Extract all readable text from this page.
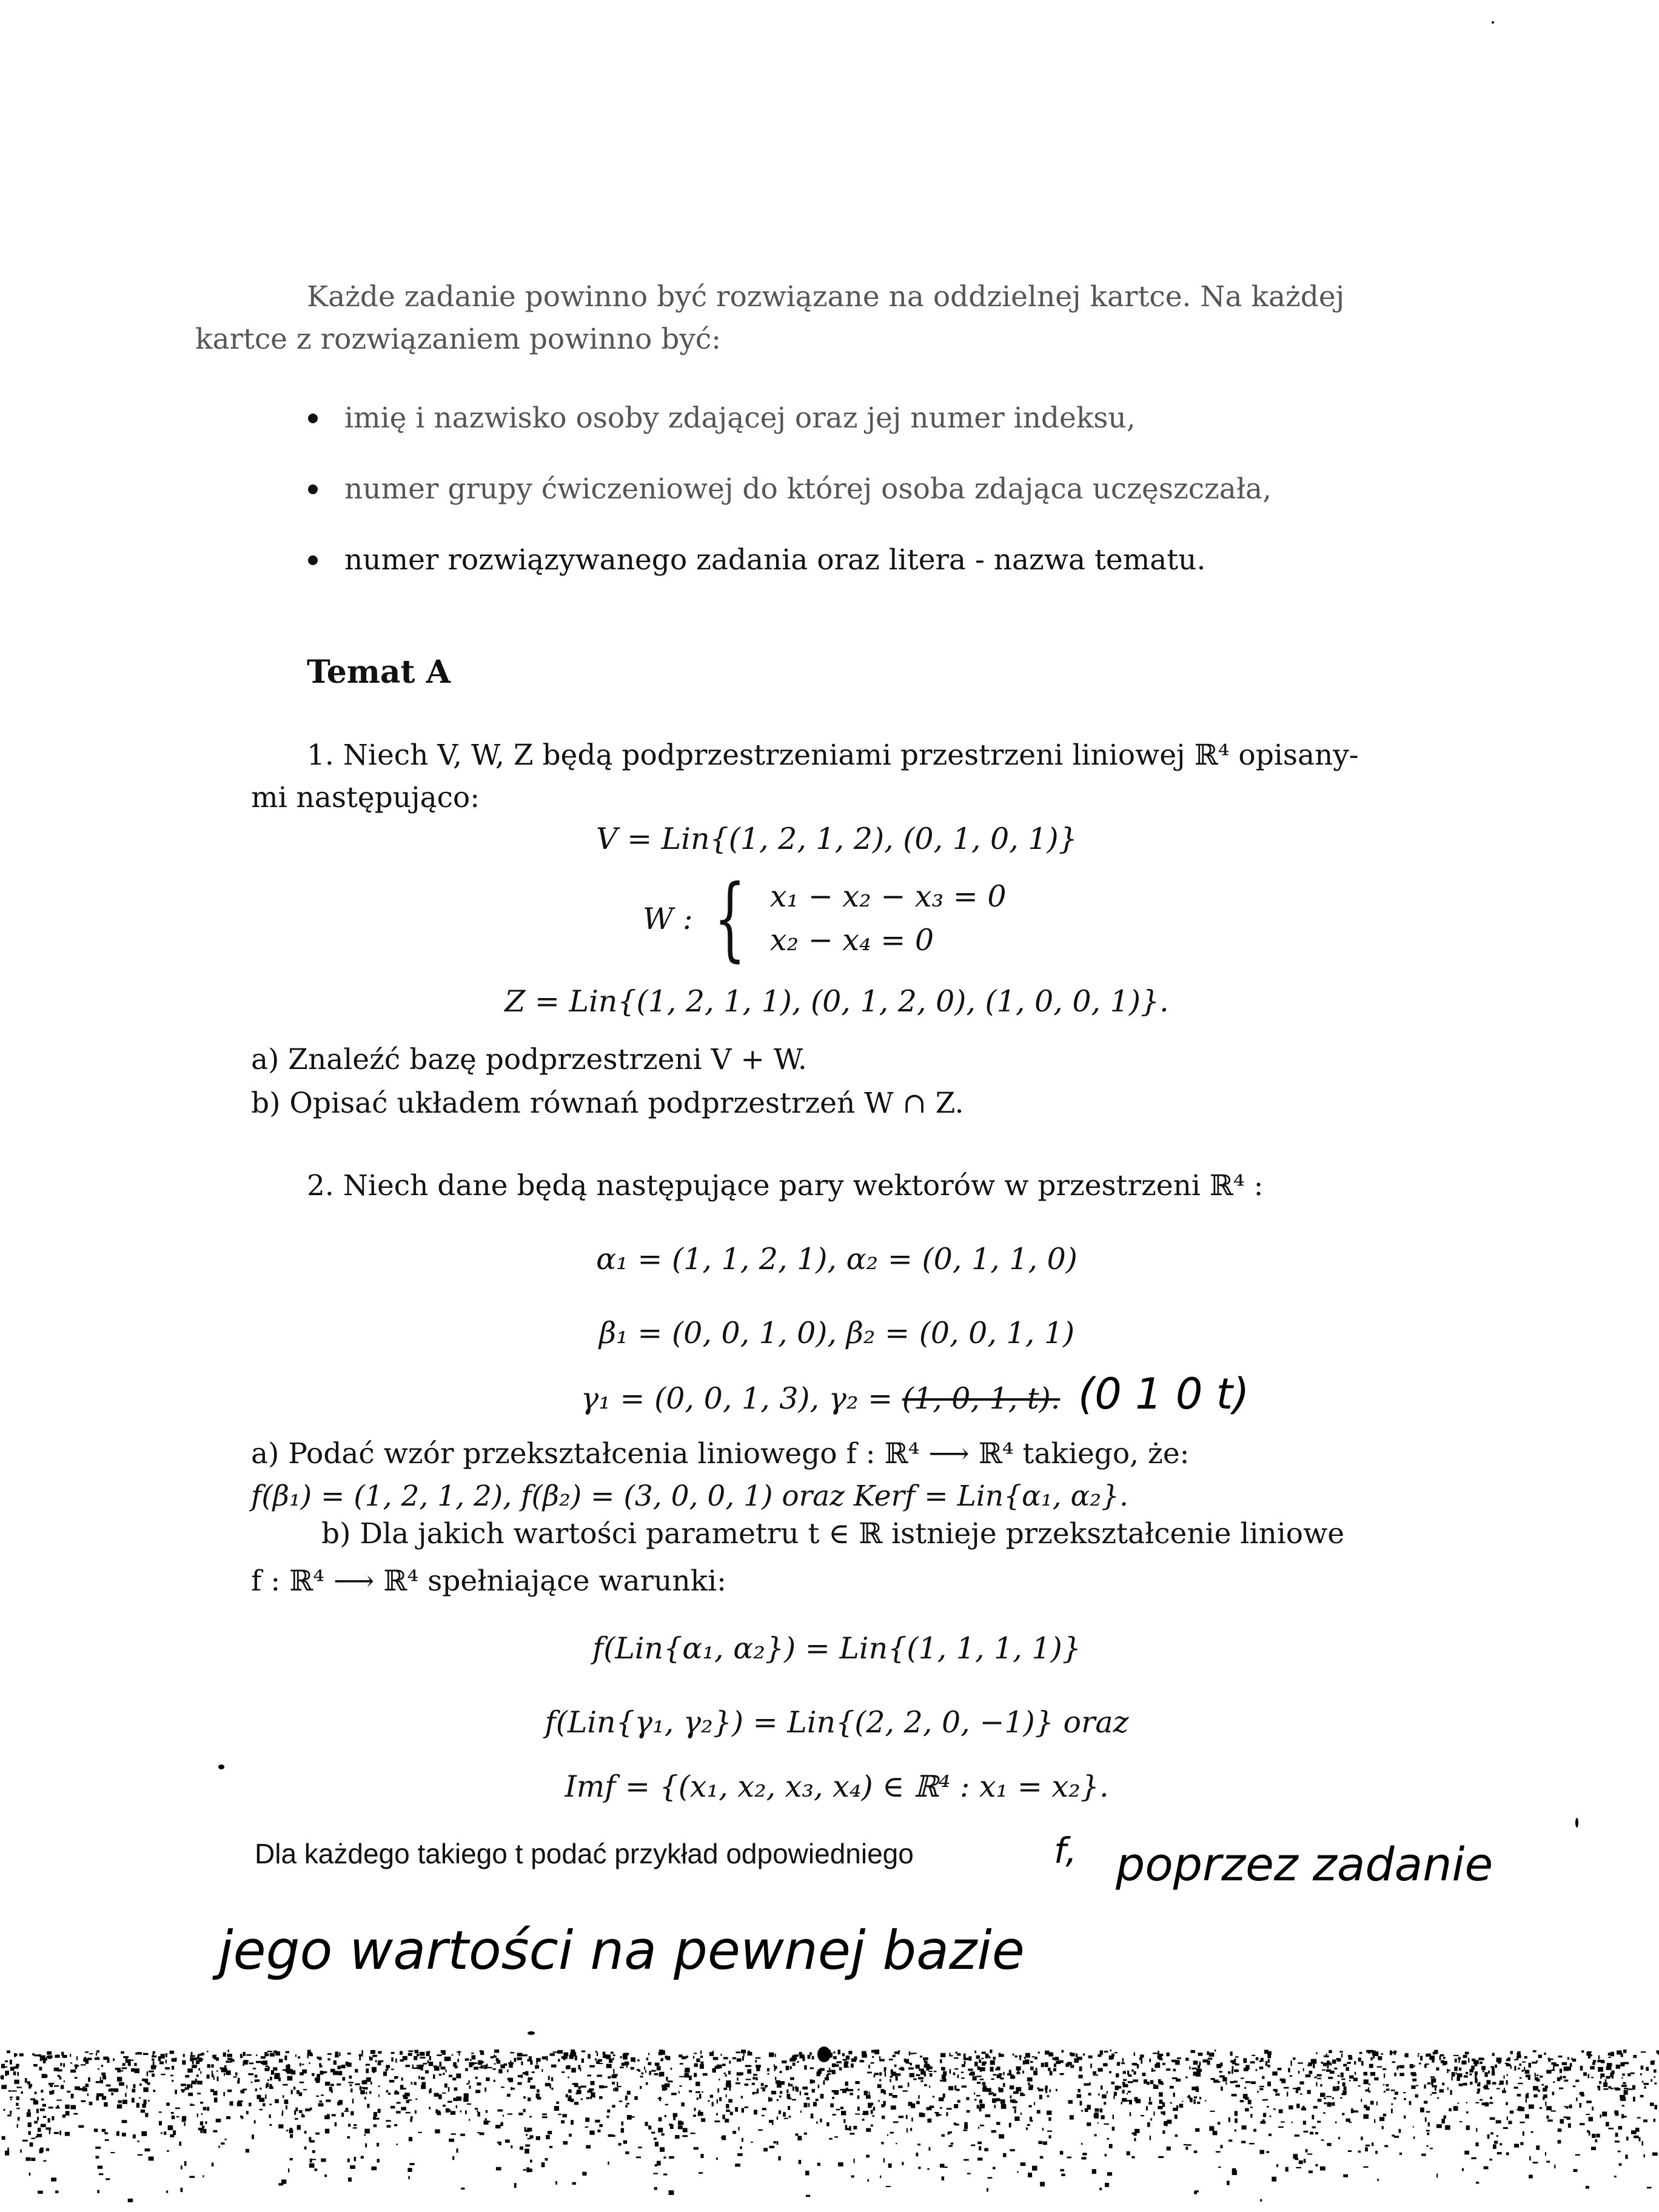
Każde zadanie powinno być rozwiązane na oddzielnej kartce. Na każdej
kartce z rozwiązaniem powinno być:
imię i nazwisko osoby zdającej oraz jej numer indeksu,
numer grupy ćwiczeniowej do której osoba zdająca uczęszczała,
numer rozwiązywanego zadania oraz litera - nazwa tematu.
Temat A
1. Niech V, W, Z będą podprzestrzeniami przestrzeni liniowej ℝ⁴ opisany-
mi następująco:
V = Lin{(1, 2, 1, 2), (0, 1, 0, 1)}
W : { x₁ − x₂ − x₃ = 0
x₂ − x₄ = 0
Z = Lin{(1, 2, 1, 1), (0, 1, 2, 0), (1, 0, 0, 1)}.
a) Znaleźć bazę podprzestrzeni V + W.
b) Opisać układem równań podprzestrzeń W ∩ Z.
2. Niech dane będą następujące pary wektorów w przestrzeni ℝ⁴ :
α₁ = (1, 1, 2, 1), α₂ = (0, 1, 1, 0)
β₁ = (0, 0, 1, 0), β₂ = (0, 0, 1, 1)
γ₁ = (0, 0, 1, 3), γ₂ = (1, 0, 1, t). (0 1 0 t)
a) Podać wzór przekształcenia liniowego f : ℝ⁴ ⟶ ℝ⁴ takiego, że:
f(β₁) = (1, 2, 1, 2), f(β₂) = (3, 0, 0, 1) oraz Kerf = Lin{α₁, α₂}.
b) Dla jakich wartości parametru t ∈ ℝ istnieje przekształcenie liniowe
f : ℝ⁴ ⟶ ℝ⁴ spełniające warunki:
f(Lin{α₁, α₂}) = Lin{(1, 1, 1, 1)}
f(Lin{γ₁, γ₂}) = Lin{(2, 2, 0, −1)} oraz
Imf = {(x₁, x₂, x₃, x₄) ∈ ℝ⁴ : x₁ = x₂}.
Dla każdego takiego t podać przykład odpowiedniego	f, poprzez zadanie
jego wartości na pewnej bazie
